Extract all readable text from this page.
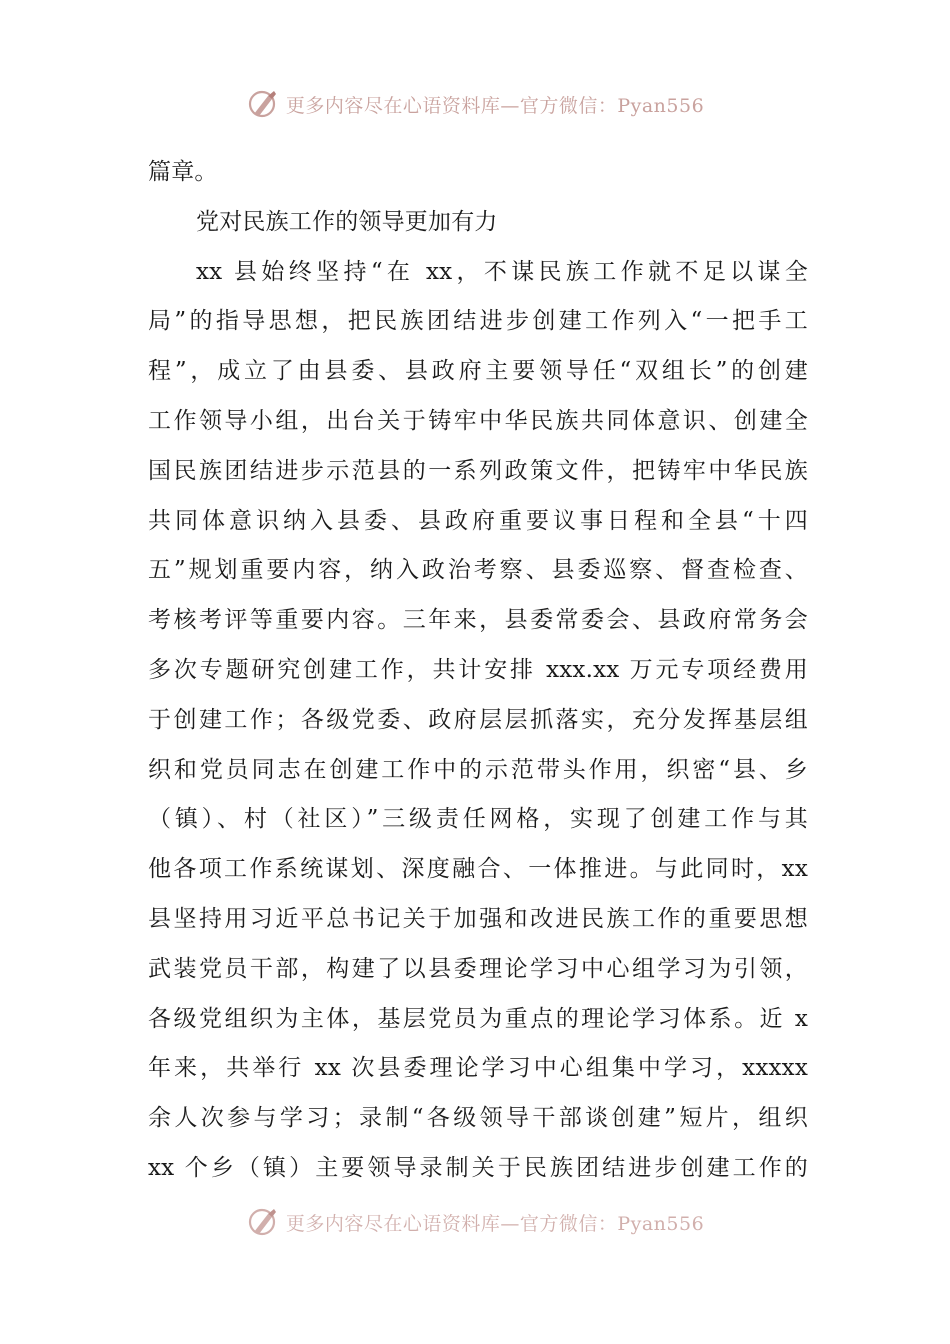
更多内容尽在心语资料库—官方微信：Pyan556
篇章。
党对民族工作的领导更加有力
xx 县始终坚持“在 xx，不谋民族工作就不足以谋全
局”的指导思想，把民族团结进步创建工作列入“一把手工
程”，成立了由县委、县政府主要领导任“双组长”的创建
工作领导小组，出台关于铸牢中华民族共同体意识、创建全
国民族团结进步示范县的一系列政策文件，把铸牢中华民族
共同体意识纳入县委、县政府重要议事日程和全县“十四
五”规划重要内容，纳入政治考察、县委巡察、督查检查、
考核考评等重要内容。三年来，县委常委会、县政府常务会
多次专题研究创建工作，共计安排 xxx.xx 万元专项经费用
于创建工作；各级党委、政府层层抓落实，充分发挥基层组
织和党员同志在创建工作中的示范带头作用，织密“县、乡
（镇）、村（社区）”三级责任网格，实现了创建工作与其
他各项工作系统谋划、深度融合、一体推进。与此同时，xx
县坚持用习近平总书记关于加强和改进民族工作的重要思想
武装党员干部，构建了以县委理论学习中心组学习为引领，
各级党组织为主体，基层党员为重点的理论学习体系。近 x
年来，共举行 xx 次县委理论学习中心组集中学习，xxxxx
余人次参与学习；录制“各级领导干部谈创建”短片，组织
xx 个乡（镇）主要领导录制关于民族团结进步创建工作的
更多内容尽在心语资料库—官方微信：Pyan556
